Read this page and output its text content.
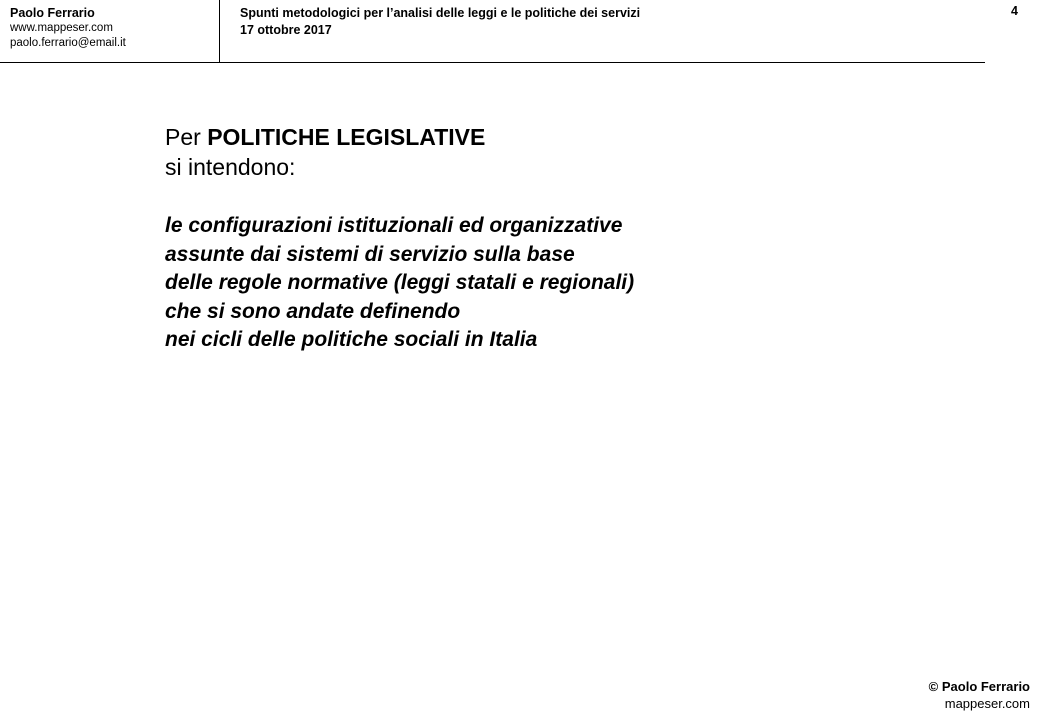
Paolo Ferrario
www.mappeser.com
paolo.ferrario@email.it
Spunti metodologici per l’analisi delle leggi e le politiche dei servizi
17 ottobre 2017
4
Per POLITICHE LEGISLATIVE
si intendono:
le configurazioni istituzionali ed organizzative
assunte dai sistemi di servizio sulla base
delle regole normative (leggi statali e regionali)
che si sono andate definendo
nei cicli delle politiche sociali in Italia
© Paolo Ferrario
mappeser.com
